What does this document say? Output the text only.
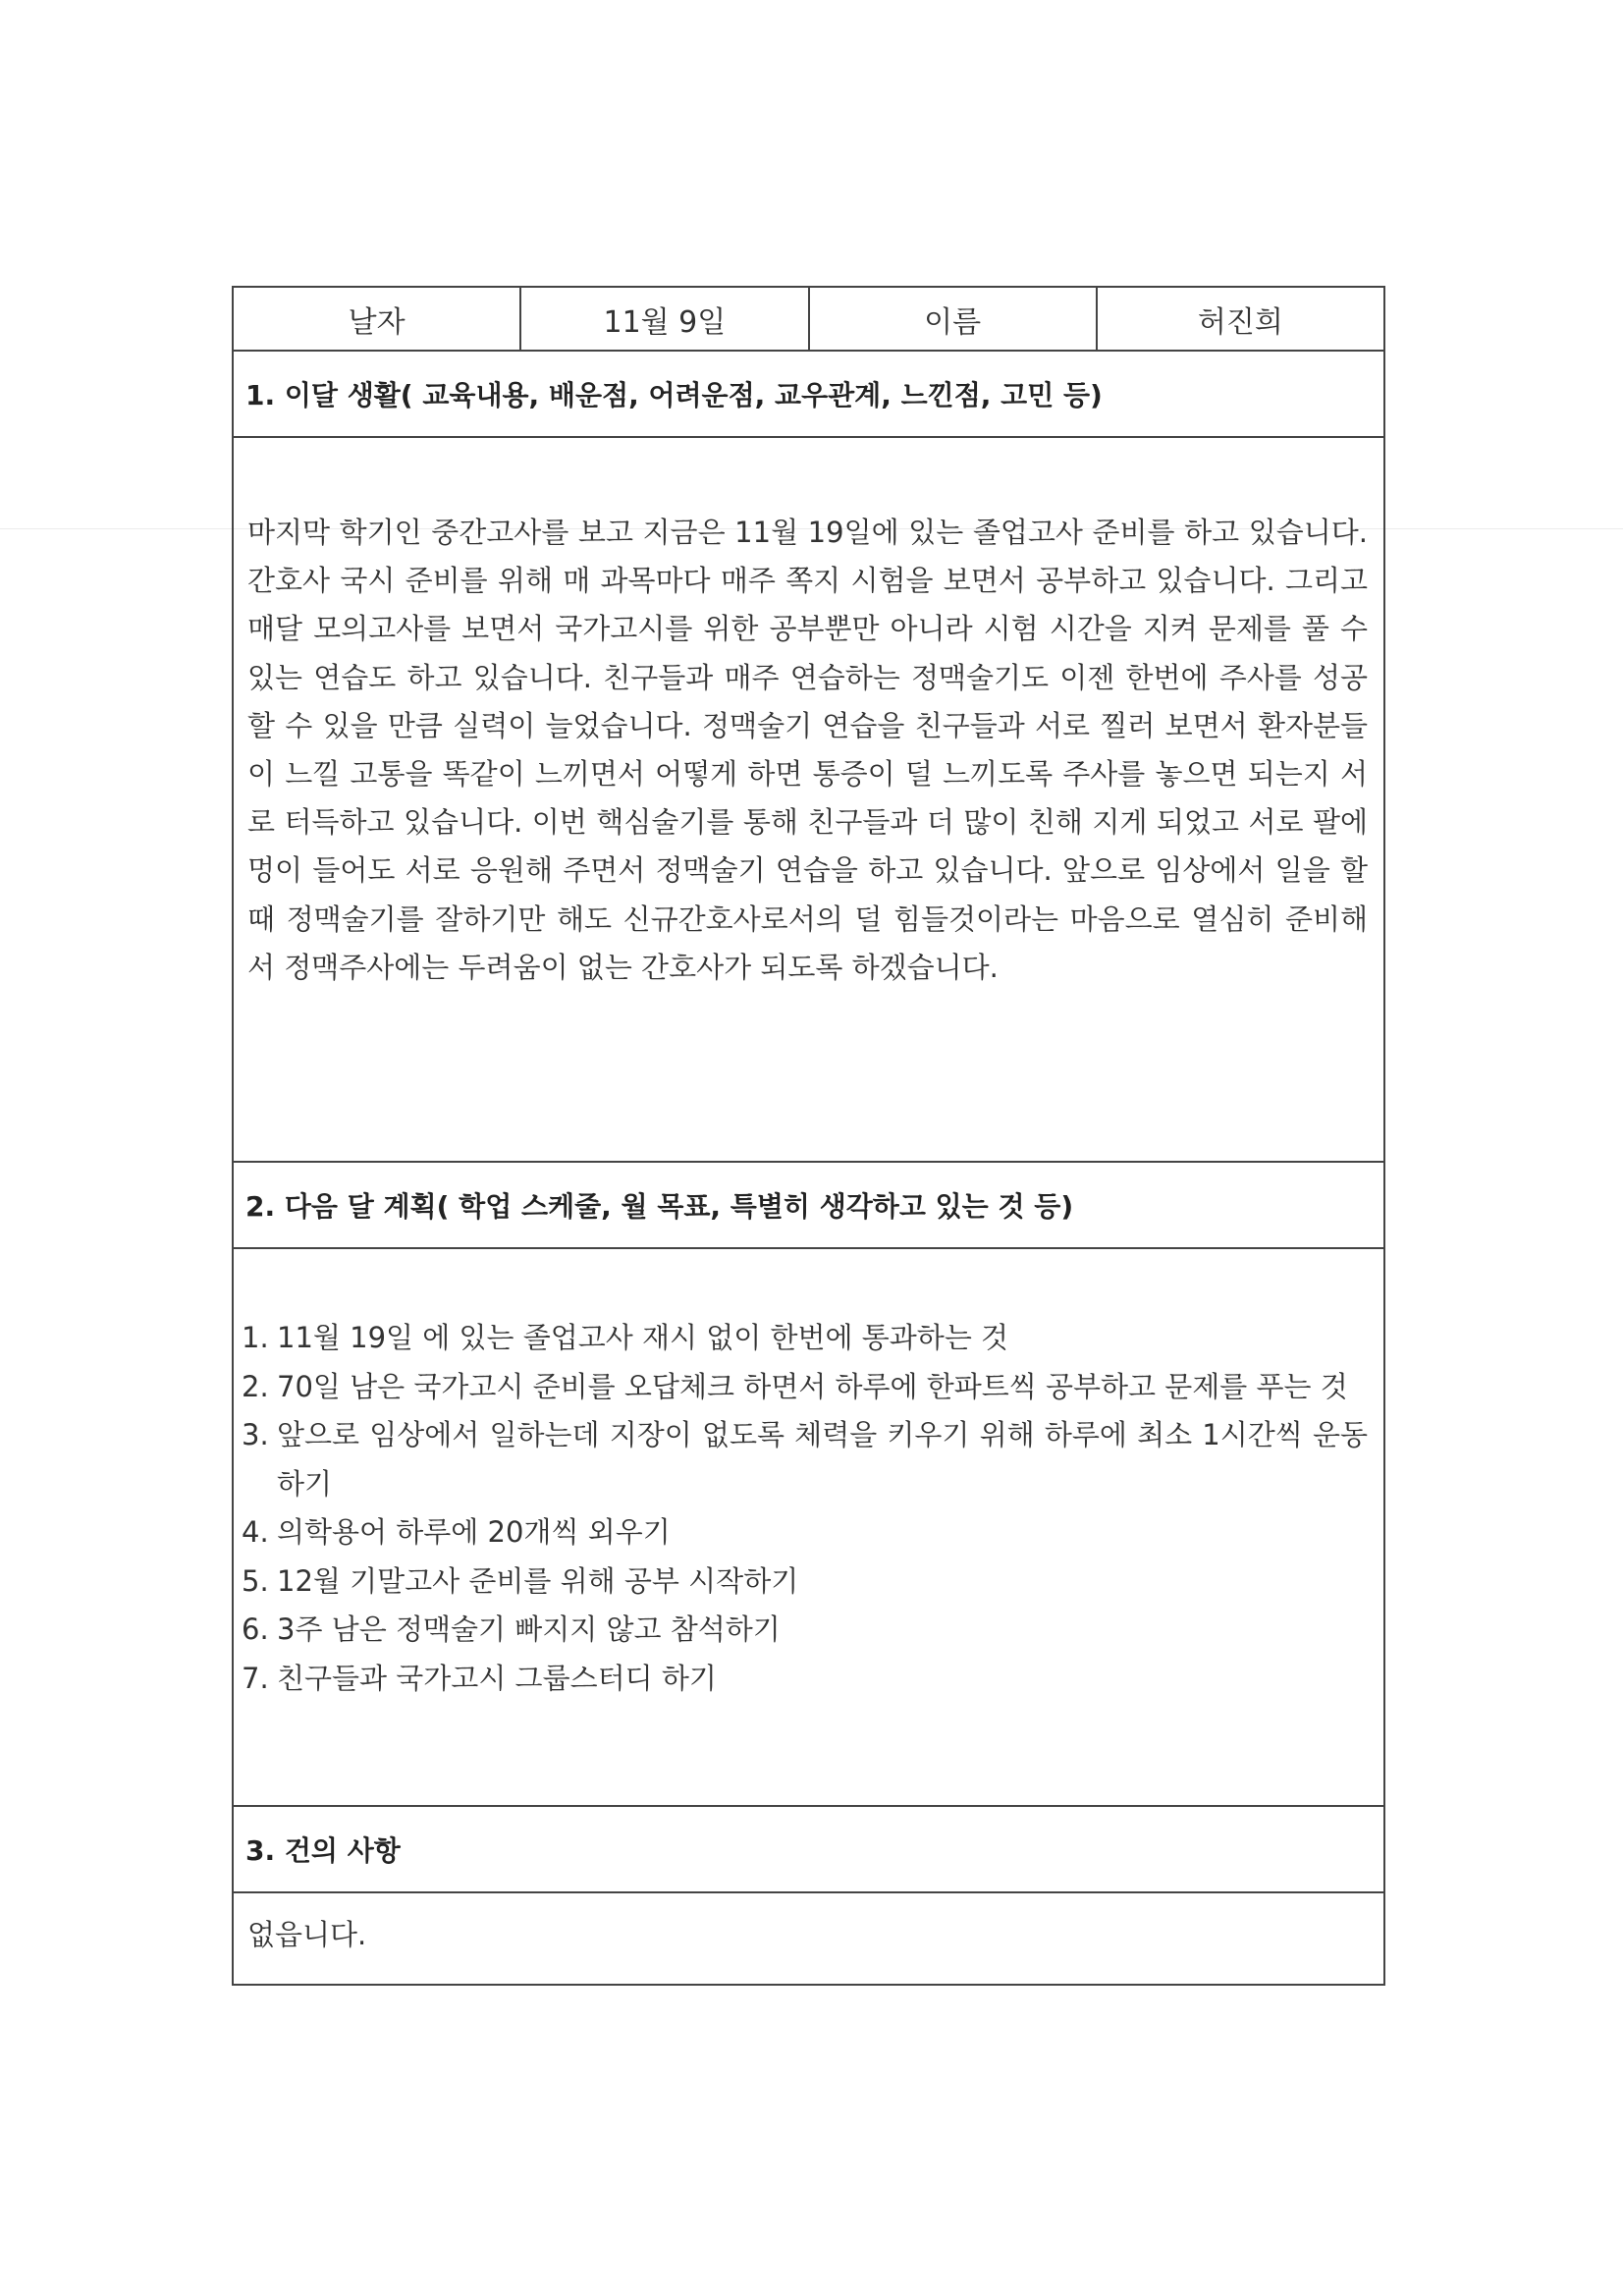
날자	11월 9일	이름	허진희
1. 이달 생활( 교육내용, 배운점, 어려운점, 교우관계, 느낀점, 고민 등)

마지막 학기인 중간고사를 보고 지금은 11월 19일에 있는 졸업고사 준비를 하고 있습니다. 간호사 국시 준비를 위해 매 과목마다 매주 쪽지 시험을 보면서 공부하고 있습니다. 그리고 매달 모의고사를 보면서 국가고시를 위한 공부뿐만 아니라 시험 시간을 지켜 문제를 풀 수 있는 연습도 하고 있습니다. 친구들과 매주 연습하는 정맥술기도 이젠 한번에 주사를 성공할 수 있을 만큼 실력이 늘었습니다. 정맥술기 연습을 친구들과 서로 찔러 보면서 환자분들이 느낄 고통을 똑같이 느끼면서 어떻게 하면 통증이 덜 느끼도록 주사를 놓으면 되는지 서로 터득하고 있습니다. 이번 핵심술기를 통해 친구들과 더 많이 친해 지게 되었고 서로 팔에 멍이 들어도 서로 응원해 주면서 정맥술기 연습을 하고 있습니다. 앞으로 임상에서 일을 할 때 정맥술기를 잘하기만 해도 신규간호사로서의 덜 힘들것이라는 마음으로 열심히 준비해서 정맥주사에는 두려움이 없는 간호사가 되도록 하겠습니다.

2. 다음 달 계획( 학업 스케줄, 월 목표, 특별히 생각하고 있는 것 등)
1. 11월 19일 에 있는 졸업고사 재시 없이 한번에 통과하는 것
2. 70일 남은 국가고시 준비를 오답체크 하면서 하루에 한파트씩 공부하고 문제를 푸는 것
3. 앞으로 임상에서 일하는데 지장이 없도록 체력을 키우기 위해 하루에 최소 1시간씩 운동 하기
4. 의학용어 하루에 20개씩 외우기
5. 12월 기말고사 준비를 위해 공부 시작하기
6. 3주 남은 정맥술기 빠지지 않고 참석하기
7. 친구들과 국가고시 그룹스터디 하기
3. 건의 사항
없읍니다.
